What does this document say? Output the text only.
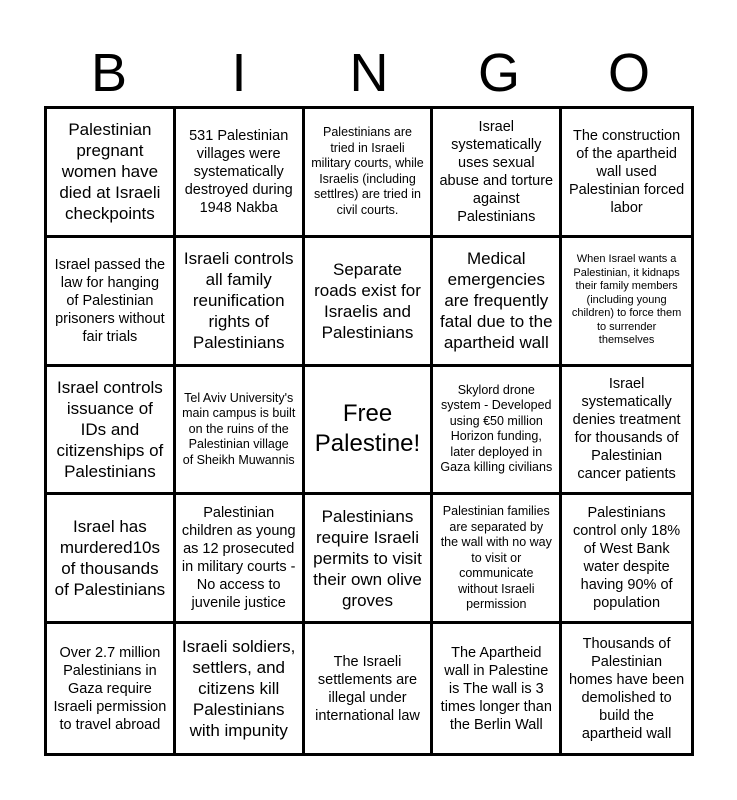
B	I	N	G	O
Palestinian pregnant women have died at Israeli checkpoints
531 Palestinian villages were systematically destroyed during 1948 Nakba
Palestinians are tried in Israeli military courts, while Israelis (including settlres) are tried in civil courts.
Israel systematically uses sexual abuse and torture against Palestinians
The construction of the apartheid wall used Palestinian forced labor
Israel passed the law for hanging of Palestinian prisoners without fair trials
Israeli controls all family reunification rights of Palestinians
Separate roads exist for Israelis and Palestinians
Medical emergencies are frequently fatal due to the apartheid wall
When Israel wants a Palestinian, it kidnaps their family members (including young children) to force them to surrender themselves
Israel controls issuance of IDs and citizenships of Palestinians
Tel Aviv University's main campus is built on the ruins of the Palestinian village of Sheikh Muwannis
Free Palestine!
Skylord drone system - Developed using €50 million Horizon funding, later deployed in Gaza killing civilians
Israel systematically denies treatment for thousands of Palestinian cancer patients
Israel has murdered10s of thousands of Palestinians
Palestinian children as young as 12 prosecuted in military courts - No access to juvenile justice
Palestinians require Israeli permits to visit their own olive groves
Palestinian families are separated by the wall with no way to visit or communicate without Israeli permission
Palestinians control only 18% of West Bank water despite having 90% of population
Over 2.7 million Palestinians in Gaza require Israeli permission to travel abroad
Israeli soldiers, settlers, and citizens kill Palestinians with impunity
The Israeli settlements are illegal under international law
The Apartheid wall in Palestine is The wall is 3 times longer than the Berlin Wall
Thousands of Palestinian homes have been demolished to build the apartheid wall
